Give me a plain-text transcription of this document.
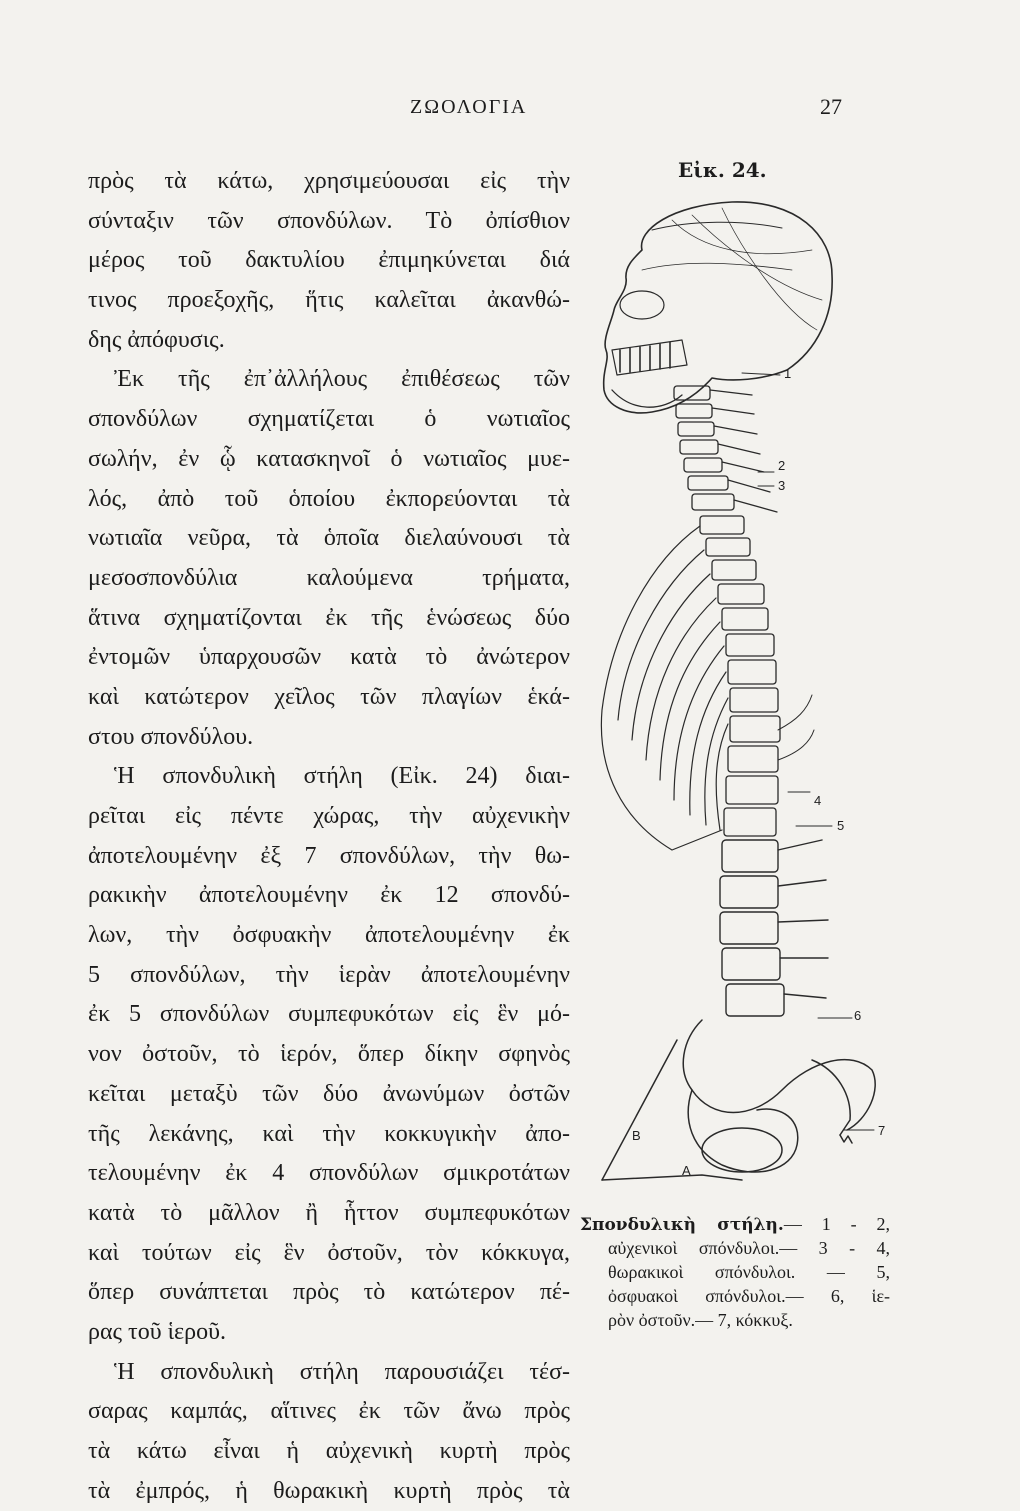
ΖΩΟΛΟΓΙΑ	27
πρὸς τὰ κάτω, χρησιμεύουσαι εἰς τὴν
σύνταξιν τῶν σπονδύλων. Τὸ ὀπίσθιον
μέρος τοῦ δακτυλίου ἐπιμηκύνεται διά
τινος προεξοχῆς, ἥτις καλεῖται ἀκανθώ-
δης ἀπόφυσις.
Ἐκ τῆς ἐπ᾽ἀλλήλους ἐπιθέσεως τῶν
σπονδύλων σχηματίζεται ὁ νωτιαῖος
σωλήν, ἐν ᾧ κατασκηνοῖ ὁ νωτιαῖος μυε-
λός, ἀπὸ τοῦ ὁποίου ἐκπορεύονται τὰ
νωτιαῖα νεῦρα, τὰ ὁποῖα διελαύνουσι τὰ
μεσοσπονδύλια καλούμενα τρήματα,
ἅτινα σχηματίζονται ἐκ τῆς ἑνώσεως δύο
ἐντομῶν ὑπαρχουσῶν κατὰ τὸ ἀνώτερον
καὶ κατώτερον χεῖλος τῶν πλαγίων ἑκά-
στου σπονδύλου.
Ἡ σπονδυλικὴ στήλη (Εἰκ. 24) διαι-
ρεῖται εἰς πέντε χώρας, τὴν αὐχενικὴν
ἀποτελουμένην ἐξ 7 σπονδύλων, τὴν θω-
ρακικὴν ἀποτελουμένην ἐκ 12 σπονδύ-
λων, τὴν ὀσφυακὴν ἀποτελουμένην ἐκ
5 σπονδύλων, τὴν ἱερὰν ἀποτελουμένην
ἐκ 5 σπονδύλων συμπεφυκότων εἰς ἓν μό-
νον ὀστοῦν, τὸ ἱερόν, ὅπερ δίκην σφηνὸς
κεῖται μεταξὺ τῶν δύο ἀνωνύμων ὀστῶν
τῆς λεκάνης, καὶ τὴν κοκκυγικὴν ἀπο-
τελουμένην ἐκ 4 σπονδύλων σμικροτάτων
κατὰ τὸ μᾶλλον ἢ ἧττον συμπεφυκότων
καὶ τούτων εἰς ἓν ὀστοῦν, τὸν κόκκυγα,
ὅπερ συνάπτεται πρὸς τὸ κατώτερον πέ-
ρας τοῦ ἱεροῦ.
Ἡ σπονδυλικὴ στήλη παρουσιάζει τέσ-
σαρας καμπάς, αἵτινες ἐκ τῶν ἄνω πρὸς
τὰ κάτω εἶναι ἡ αὐχενικὴ κυρτὴ πρὸς
τὰ ἐμπρός, ἡ θωρακικὴ κυρτὴ πρὸς τὰ
Εἰκ. 24.
1
2
3
4
5
6
7
B
A
Σπονδυλικὴ στήλη.— 1 - 2,
αὐχενικοὶ σπόνδυλοι.— 3 - 4,
θωρακικοὶ σπόνδυλοι. — 5,
ὀσφυακοὶ σπόνδυλοι.— 6, ἱε-
ρὸν ὀστοῦν.— 7, κόκκυξ.
